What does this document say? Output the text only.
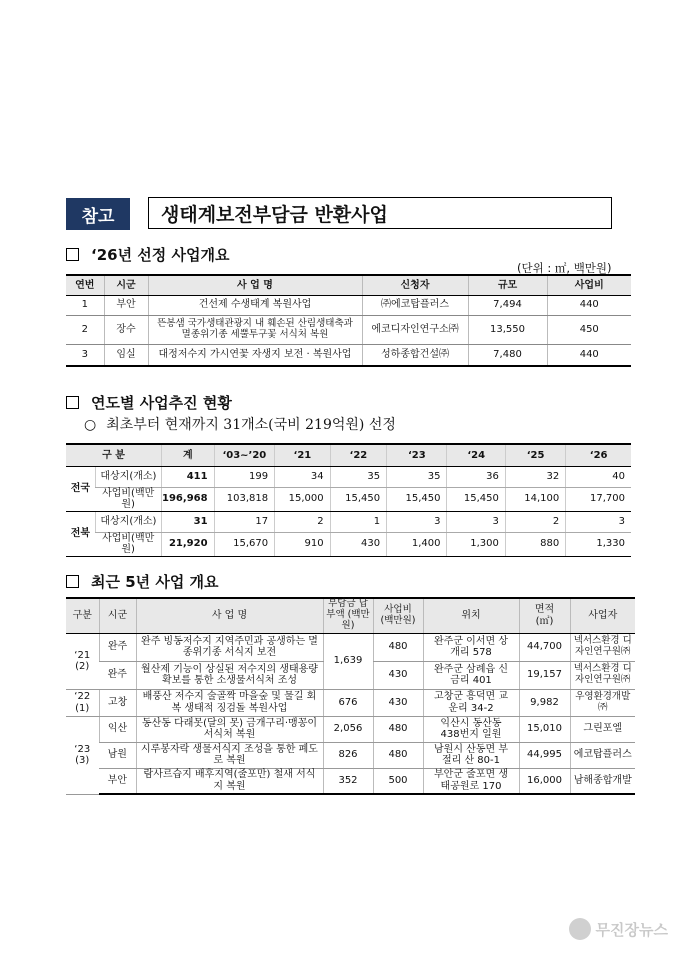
참고	생태계보전부담금 반환사업
‘26년 선정 사업개요
(단위 : ㎡, 백만원)
연번	시군	사 업 명	신청자	규모	사업비
1	부안	건선제 수생태계 복원사업	㈜에코탑플러스	7,494	440
2	장수	뜬봉샘 국가생태관광지 내 훼손된 산림생태축과 멸종위기종 세뿔투구꽃 서식처 복원	에코디자인연구소㈜	13,550	450
3	임실	대정저수지 가시연꽃 자생지 보전 · 복원사업	성하종합건설㈜	7,480	440
연도별 사업추진 현황
○ 최초부터 현재까지 31개소(국비 219억원) 선정
구 분		계	‘03~’20	‘21	‘22	‘23	‘24	‘25	‘26
전국	대상지(개소)	411	199	34	35	35	36	32	40
	사업비(백만원)	196,968	103,818	15,000	15,450	15,450	15,450	14,100	17,700
전북	대상지(개소)	31	17	2	1	3	3	2	3
	사업비(백만원)	21,920	15,670	910	430	1,400	1,300	880	1,330
최근 5년 사업 개요
구분	시군	사 업 명	부담금 납부액 (백만원)	사업비 (백만원)	위치	면적 (㎡)	사업자
‘21 (2)	완주	완주 빙동저수지 지역주민과 공생하는 멸종위기종 서식지 보전	1,639	480	완주군 이서면 상개리 578	44,700	넥서스환경 디자인연구원㈜
	완주	월산제 기능이 상실된 저수지의 생태용량 확보를 통한 소생물서식처 조성		430	완주군 삼례읍 신금리 401	19,157	넥서스환경 디자인연구원㈜
‘22 (1)	고창	배풍산 저수지 술골짝 마을숲 및 물길 회복 생태적 징검돌 복원사업	676	430	고창군 흥덕면 교운리 34-2	9,982	우영환경개발㈜
‘23 (3)	익산	동산동 다래못(달의 못) 금개구리·맹꽁이 서식처 복원	2,056	480	익산시 동산동 438번지 일원	15,010	그린포엘
	남원	시루봉자락 생물서식지 조성을 통한 폐도로 복원	826	480	남원시 산동면 부절리 산 80-1	44,995	에코탑플러스
	부안	람사르습지 배후지역(줄포만) 철새 서식지 복원	352	500	부안군 줄포면 생태공원로 170	16,000	남해종합개발
무진장뉴스
